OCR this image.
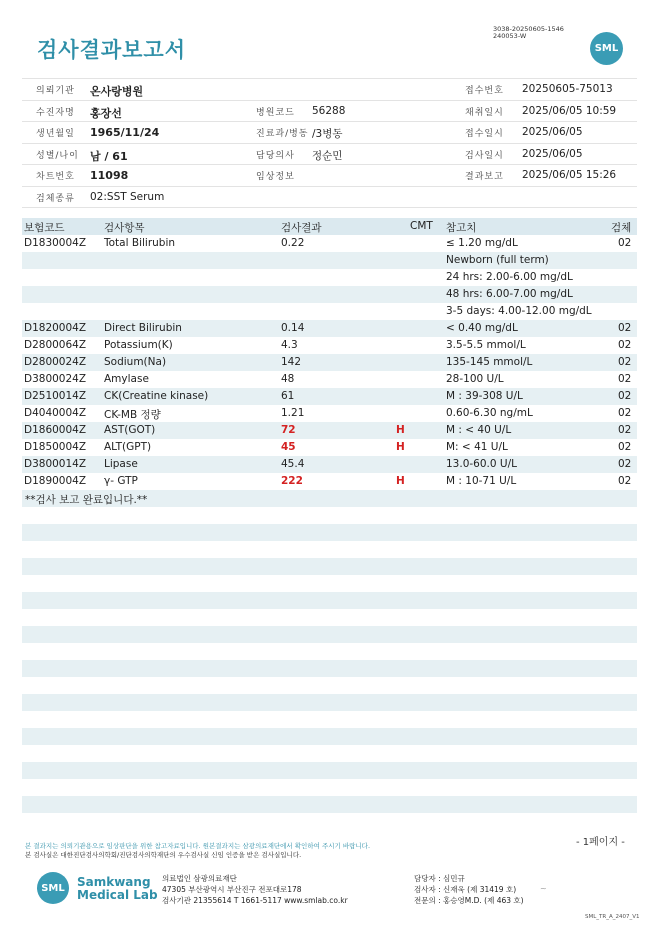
검사결과보고서
3038-20250605-1546
240053-W
SML
의뢰기관 온사랑병원	접수번호 20250605-75013
수진자명 홍장선	병원코드 56288	채취일시 2025/06/05 10:59
생년월일 1965/11/24	진료과/병동 /3병동	접수일시 2025/06/05
성별/나이 남 / 61	담당의사 정순민	검사일시 2025/06/05
차트번호 11098	임상정보	결과보고 2025/06/05 15:26
검체종류 02:SST Serum
보험코드	검사항목	검사결과	CMT 참고치	검체
D1830004Z Total Bilirubin	0.22	≤ 1.20 mg/dL	02
Newborn (full term)
24 hrs: 2.00-6.00 mg/dL
48 hrs: 6.00-7.00 mg/dL
3-5 days: 4.00-12.00 mg/dL
D1820004Z Direct Bilirubin	0.14	< 0.40 mg/dL	02
D2800064Z Potassium(K)	4.3	3.5-5.5 mmol/L	02
D2800024Z Sodium(Na)	142	135-145 mmol/L	02
D3800024Z Amylase	48	28-100 U/L	02
D2510014Z CK(Creatine kinase)	61	M : 39-308 U/L	02
D4040004Z CK-MB 정량	1.21	0.60-6.30 ng/mL	02
D1860004Z AST(GOT)	72	H	M : < 40 U/L	02
D1850004Z ALT(GPT)	45	H	M: < 41 U/L	02
D3800014Z Lipase	45.4	13.0-60.0 U/L	02
D1890004Z γ- GTP	222	H	M : 10-71 U/L	02
**검사 보고 완료입니다.**
- 1페이지 -
본 결과지는 의뢰기관용으로 임상판단을 위한 참고자료입니다. 원본결과지는 삼광의료재단에서 확인하여 주시기 바랍니다.
본 검사실은 대한진단검사의학회/진단검사의학재단의 우수검사실 신임 인증을 받은 검사실입니다.
SML	Samkwang
Medical Lab
의료법인 삼광의료재단
47305 부산광역시 부산진구 전포대로178
검사기관 21355614 T 1661-5117 www.smlab.co.kr
담당자 : 심민규
검사자 : 신재욱 (제 31419 호)
전문의 : 홍승영M.D. (제 463 호)
~
SML_TR_A_2407_V1
